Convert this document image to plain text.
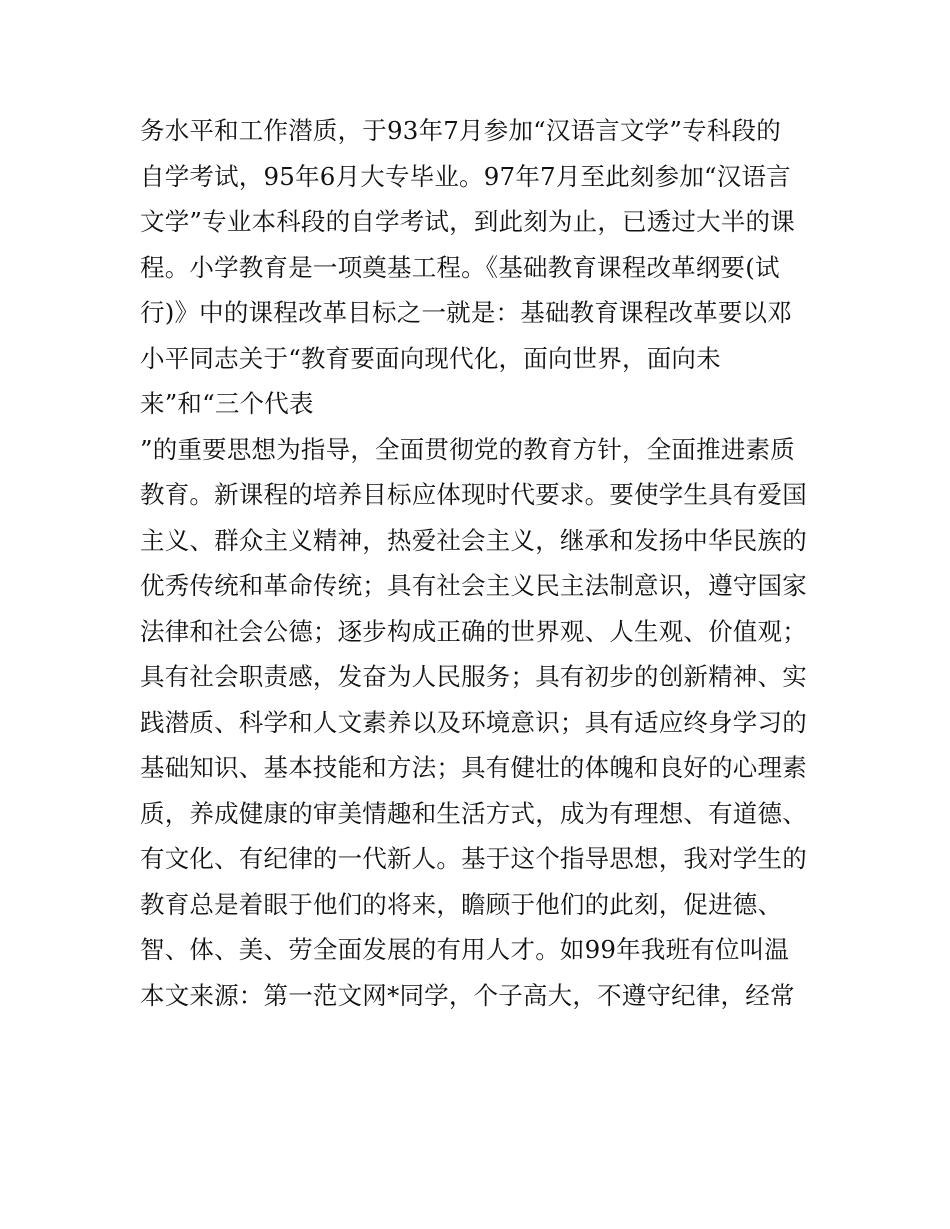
务水平和工作潜质，于93年7月参加“汉语言文学”专科段的
自学考试，95年6月大专毕业。97年7月至此刻参加“汉语言
文学”专业本科段的自学考试，到此刻为止，已透过大半的课
程。小学教育是一项奠基工程。《基础教育课程改革纲要(试
行)》中的课程改革目标之一就是：基础教育课程改革要以邓
小平同志关于“教育要面向现代化，面向世界，面向未
来”和“三个代表
”的重要思想为指导，全面贯彻党的教育方针，全面推进素质
教育。新课程的培养目标应体现时代要求。要使学生具有爱国
主义、群众主义精神，热爱社会主义，继承和发扬中华民族的
优秀传统和革命传统；具有社会主义民主法制意识，遵守国家
法律和社会公德；逐步构成正确的世界观、人生观、价值观；
具有社会职责感，发奋为人民服务；具有初步的创新精神、实
践潜质、科学和人文素养以及环境意识；具有适应终身学习的
基础知识、基本技能和方法；具有健壮的体魄和良好的心理素
质，养成健康的审美情趣和生活方式，成为有理想、有道德、
有文化、有纪律的一代新人。基于这个指导思想，我对学生的
教育总是着眼于他们的将来，瞻顾于他们的此刻，促进德、
智、体、美、劳全面发展的有用人才。如99年我班有位叫温
本文来源：第一范文网*同学，个子高大，不遵守纪律，经常
